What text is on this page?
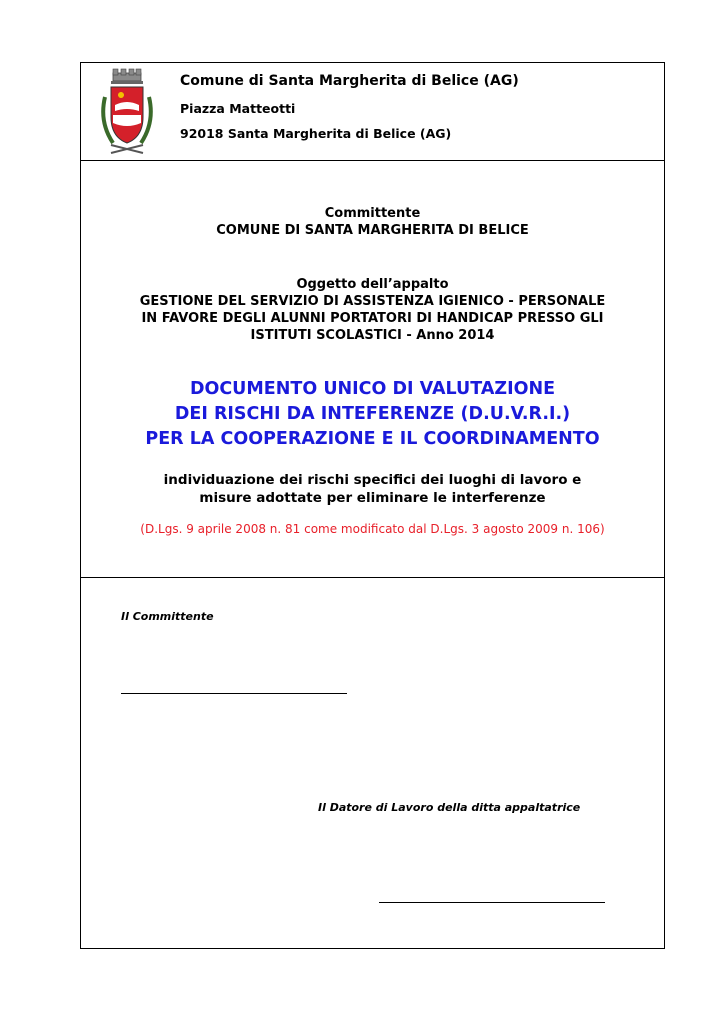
Comune di Santa Margherita di Belice (AG)
Piazza Matteotti
92018 Santa Margherita di Belice (AG)
Committente
COMUNE DI SANTA MARGHERITA DI BELICE
Oggetto dell’appalto
GESTIONE DEL SERVIZIO DI ASSISTENZA IGIENICO - PERSONALE
IN FAVORE DEGLI ALUNNI PORTATORI DI HANDICAP PRESSO GLI
ISTITUTI SCOLASTICI - Anno 2014
DOCUMENTO UNICO DI VALUTAZIONE
DEI RISCHI DA INTEFERENZE (D.U.V.R.I.)
PER LA COOPERAZIONE E IL COORDINAMENTO
individuazione dei rischi specifici dei luoghi di lavoro e
misure adottate per eliminare le interferenze
(D.Lgs. 9 aprile 2008 n. 81 come modificato dal D.Lgs. 3 agosto 2009 n. 106)
Il Committente
Il Datore di Lavoro della ditta appaltatrice
